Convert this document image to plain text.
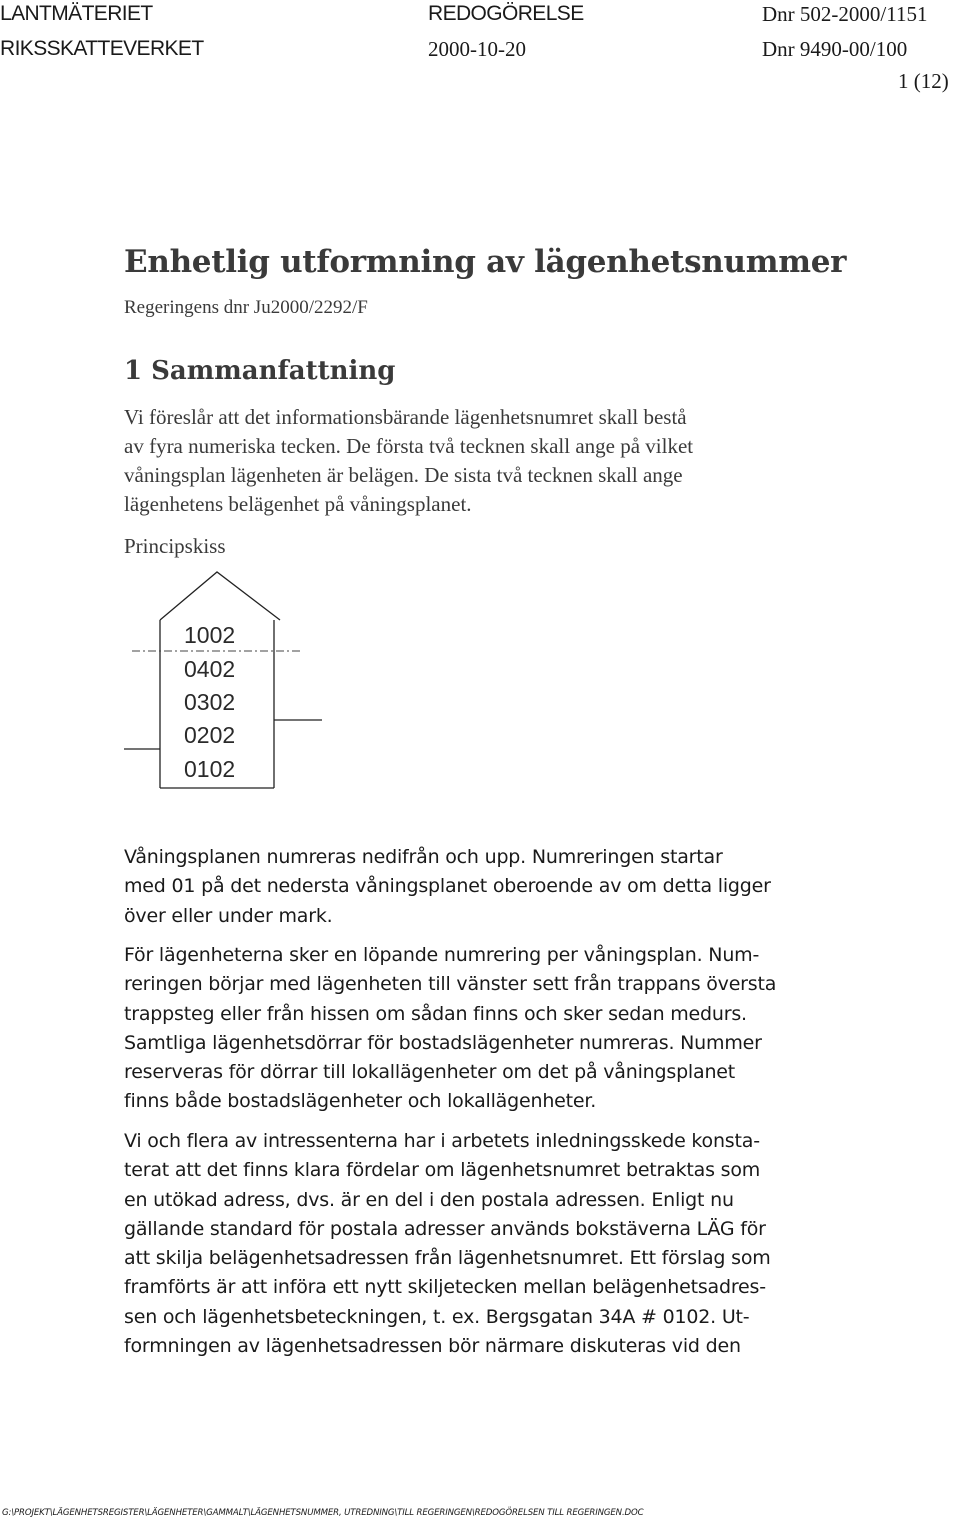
LANTMÄTERIET

RIKSSKATTEVERKET

REDOGÖRELSE

2000-10-20

Dnr 502-2000/1151

Dnr 9490-00/100

1 (12)

Enhetlig utformning av lägenhetsnummer

Regeringens dnr Ju2000/2292/F

1 Sammanfattning
Vi föreslår att det informationsbärande lägenhetsnumret skall bestå
av fyra numeriska tecken. De första två tecknen skall ange på vilket
våningsplan lägenheten är belägen. De sista två tecknen skall ange
lägenhetens belägenhet på våningsplanet.

Principskiss

1002
0402
0302
0202
0102
Våningsplanen numreras nedifrån och upp. Numreringen startar
med 01 på det nedersta våningsplanet oberoende av om detta ligger
över eller under mark.
För lägenheterna sker en löpande numrering per våningsplan. Num-
reringen börjar med lägenheten till vänster sett från trappans översta
trappsteg eller från hissen om sådan finns och sker sedan medurs.
Samtliga lägenhetsdörrar för bostadslägenheter numreras. Nummer
reserveras för dörrar till lokallägenheter om det på våningsplanet
finns både bostadslägenheter och lokallägenheter.
Vi och flera av intressenterna har i arbetets inledningsskede konsta-
terat att det finns klara fördelar om lägenhetsnumret betraktas som
en utökad adress, dvs. är en del i den postala adressen. Enligt nu
gällande standard för postala adresser används bokstäverna LÄG för
att skilja belägenhetsadressen från lägenhetsnumret. Ett förslag som
framförts är att införa ett nytt skiljetecken mellan belägenhetsadres-
sen och lägenhetsbeteckningen, t. ex. Bergsgatan 34A # 0102. Ut-
formningen av lägenhetsadressen bör närmare diskuteras vid den

G:\PROJEKT\LÄGENHETSREGISTER\LÄGENHETER\GAMMALT\LÄGENHETSNUMMER, UTREDNING\TILL REGERINGEN\REDOGÖRELSEN TILL REGERINGEN.DOC
